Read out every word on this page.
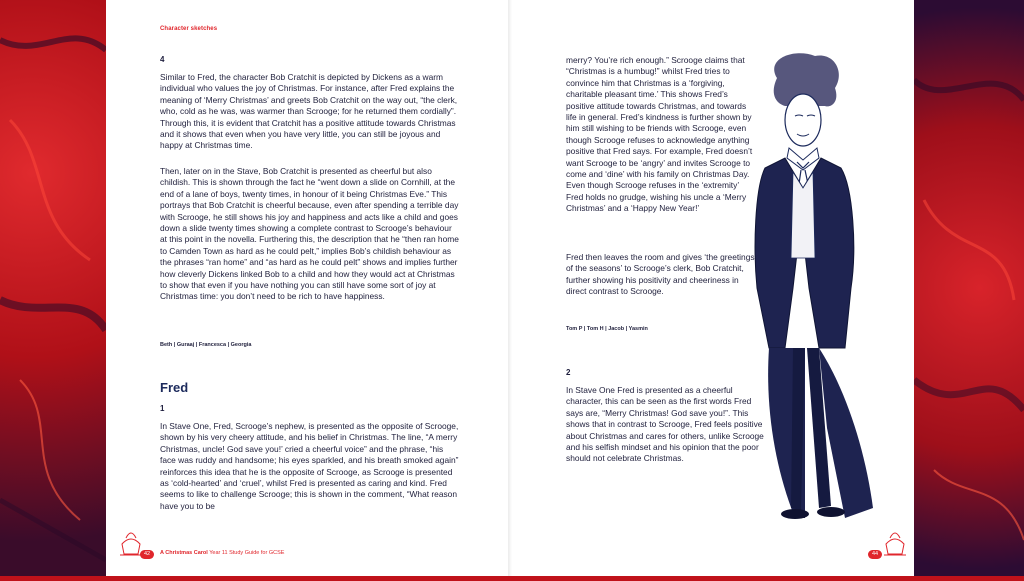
Character sketches
4

Similar to Fred, the character Bob Cratchit is depicted by Dickens as a warm individual who values the joy of Christmas. For instance, after Fred explains the meaning of ‘Merry Christmas’ and greets Bob Cratchit on the way out, “the clerk, who, cold as he was, was warmer than Scrooge; for he returned them cordially”. Through this, it is evident that Cratchit has a positive attitude towards Christmas and it shows that even when you have very little, you can still be joyous and happy at Christmas time.

Then, later on in the Stave, Bob Cratchit is presented as cheerful but also childish. This is shown through the fact he “went down a slide on Cornhill, at the end of a lane of boys, twenty times, in honour of it being Christmas Eve.” This portrays that Bob Cratchit is cheerful because, even after spending a terrible day with Scrooge, he still shows his joy and happiness and acts like a child and goes down a slide twenty times showing a complete contrast to Scrooge’s behaviour at this point in the novella. Furthering this, the description that he “then ran home to Camden Town as hard as he could pelt,” implies Bob’s childish behaviour as the phrases “ran home” and “as hard as he could pelt” shows and implies further how cleverly Dickens linked Bob to a child and how they would act at Christmas to show that even if you have nothing you can still have some sort of joy at Christmas time: you don’t need to be rich to have happiness.

Beth | Guraaj | Francesca | Georgia
Fred
1

In Stave One, Fred, Scrooge’s nephew, is presented as the opposite of Scrooge, shown by his very cheery attitude, and his belief in Christmas. The line, “A merry Christmas, uncle! God save you!’ cried a cheerful voice” and the phrase, “his face was ruddy and handsome; his eyes sparkled, and his breath smoked again” reinforces this idea that he is the opposite of Scrooge, as Scrooge is presented as ‘cold-hearted’ and ‘cruel’, whilst Fred is presented as caring and kind. Fred seems to like to challenge Scrooge; this is shown in the comment, “What reason have you to be

42	A Christmas Carol Year 11 Study Guide for GCSE

merry? You’re rich enough.” Scrooge claims that “Christmas is a humbug!” whilst Fred tries to convince him that Christmas is a ‘forgiving, charitable pleasant time.’ This shows Fred’s positive attitude towards Christmas, and towards life in general. Fred’s kindness is further shown by him still wishing to be friends with Scrooge, even though Scrooge refuses to acknowledge anything positive that Fred says. For example, Fred doesn’t want Scrooge to be ‘angry’ and invites Scrooge to come and ‘dine’ with his family on Christmas Day. Even though Scrooge refuses in the ‘extremity’ Fred holds no grudge, wishing his uncle a ‘Merry Christmas’ and a ‘Happy New Year!’

Fred then leaves the room and gives ‘the greetings of the seasons’ to Scrooge’s clerk, Bob Cratchit, further showing his positivity and cheeriness in direct contrast to Scrooge.

Tom P | Tom H | Jacob | Yasmin
2

In Stave One Fred is presented as a cheerful character, this can be seen as the first words Fred says are, “Merry Christmas! God save you!”. This shows that in contrast to Scrooge, Fred feels positive about Christmas and cares for others, unlike Scrooge and his selfish mindset and his opinion that the poor should not celebrate Christmas.

44
